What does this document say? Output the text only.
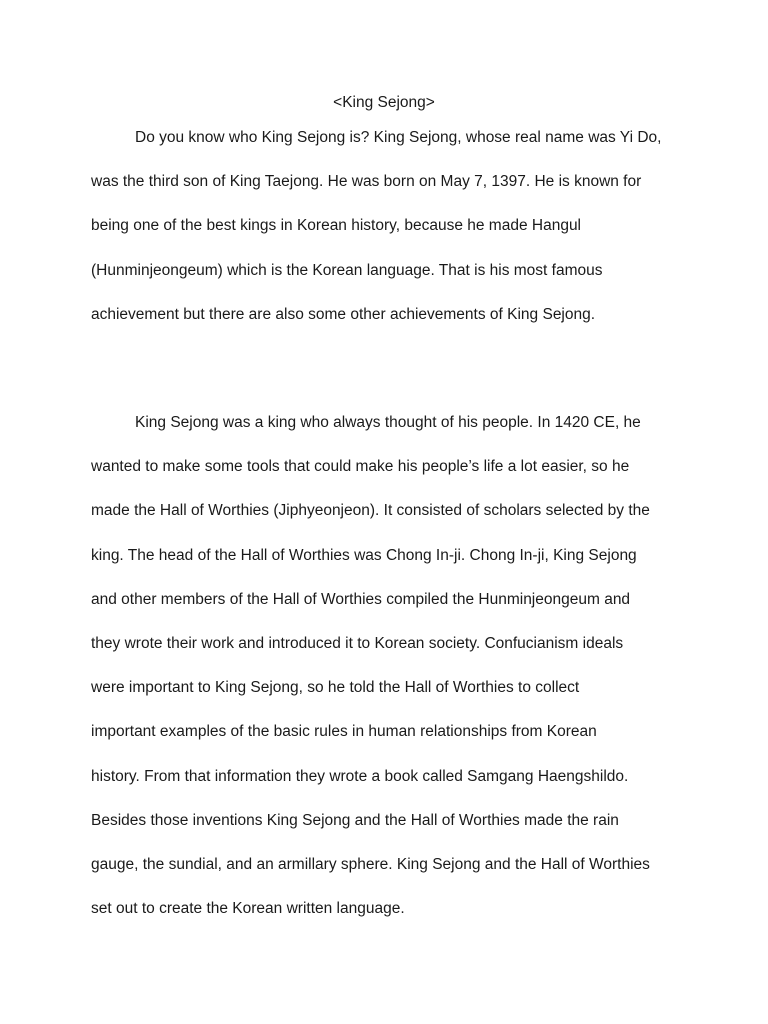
<King Sejong>
Do you know who King Sejong is? King Sejong, whose real name was Yi Do,
was the third son of King Taejong. He was born on May 7, 1397. He is known for
being one of the best kings in Korean history, because he made Hangul
(Hunminjeongeum) which is the Korean language. That is his most famous
achievement but there are also some other achievements of King Sejong.
King Sejong was a king who always thought of his people. In 1420 CE, he
wanted to make some tools that could make his people’s life a lot easier, so he
made the Hall of Worthies (Jiphyeonjeon). It consisted of scholars selected by the
king. The head of the Hall of Worthies was Chong In-ji. Chong In-ji, King Sejong
and other members of the Hall of Worthies compiled the Hunminjeongeum and
they wrote their work and introduced it to Korean society. Confucianism ideals
were important to King Sejong, so he told the Hall of Worthies to collect
important examples of the basic rules in human relationships from Korean
history. From that information they wrote a book called Samgang Haengshildo.
Besides those inventions King Sejong and the Hall of Worthies made the rain
gauge, the sundial, and an armillary sphere. King Sejong and the Hall of Worthies
set out to create the Korean written language.
